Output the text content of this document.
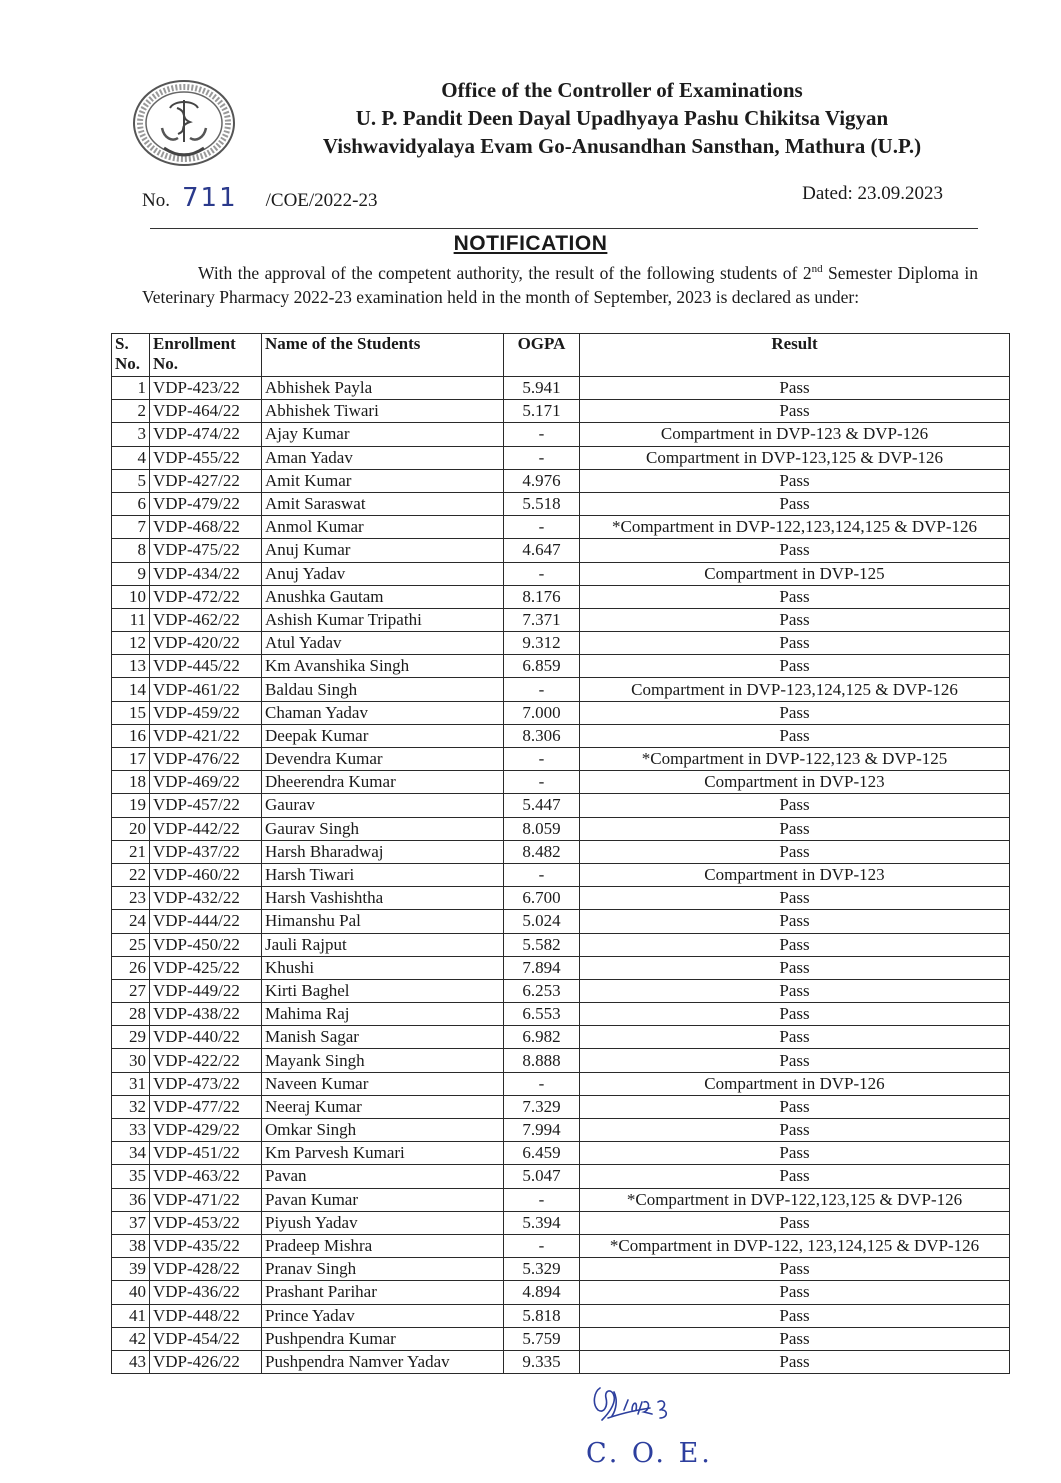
Office of the Controller of Examinations
U. P. Pandit Deen Dayal Upadhyaya Pashu Chikitsa Vigyan
Vishwavidyalaya Evam Go-Anusandhan Sansthan, Mathura (U.P.)
No. 711 /COE/2022-23	Dated: 23.09.2023
NOTIFICATION
With the approval of the competent authority, the result of the following students of 2nd Semester Diploma in Veterinary Pharmacy 2022-23 examination held in the month of September, 2023 is declared as under:
S. No.	Enrollment No.	Name of the Students	OGPA	Result
1	VDP-423/22	Abhishek Payla	5.941	Pass
2	VDP-464/22	Abhishek Tiwari	5.171	Pass
3	VDP-474/22	Ajay Kumar	-	Compartment in DVP-123 & DVP-126
4	VDP-455/22	Aman Yadav	-	Compartment in DVP-123,125 & DVP-126
5	VDP-427/22	Amit Kumar	4.976	Pass
6	VDP-479/22	Amit Saraswat	5.518	Pass
7	VDP-468/22	Anmol Kumar	-	*Compartment in DVP-122,123,124,125 & DVP-126
8	VDP-475/22	Anuj Kumar	4.647	Pass
9	VDP-434/22	Anuj Yadav	-	Compartment in DVP-125
10	VDP-472/22	Anushka Gautam	8.176	Pass
11	VDP-462/22	Ashish Kumar Tripathi	7.371	Pass
12	VDP-420/22	Atul Yadav	9.312	Pass
13	VDP-445/22	Km Avanshika Singh	6.859	Pass
14	VDP-461/22	Baldau Singh	-	Compartment in DVP-123,124,125 & DVP-126
15	VDP-459/22	Chaman Yadav	7.000	Pass
16	VDP-421/22	Deepak Kumar	8.306	Pass
17	VDP-476/22	Devendra Kumar	-	*Compartment in DVP-122,123 & DVP-125
18	VDP-469/22	Dheerendra Kumar	-	Compartment in DVP-123
19	VDP-457/22	Gaurav	5.447	Pass
20	VDP-442/22	Gaurav Singh	8.059	Pass
21	VDP-437/22	Harsh Bharadwaj	8.482	Pass
22	VDP-460/22	Harsh Tiwari	-	Compartment in DVP-123
23	VDP-432/22	Harsh Vashishtha	6.700	Pass
24	VDP-444/22	Himanshu Pal	5.024	Pass
25	VDP-450/22	Jauli Rajput	5.582	Pass
26	VDP-425/22	Khushi	7.894	Pass
27	VDP-449/22	Kirti Baghel	6.253	Pass
28	VDP-438/22	Mahima Raj	6.553	Pass
29	VDP-440/22	Manish Sagar	6.982	Pass
30	VDP-422/22	Mayank Singh	8.888	Pass
31	VDP-473/22	Naveen Kumar	-	Compartment in DVP-126
32	VDP-477/22	Neeraj Kumar	7.329	Pass
33	VDP-429/22	Omkar Singh	7.994	Pass
34	VDP-451/22	Km Parvesh Kumari	6.459	Pass
35	VDP-463/22	Pavan	5.047	Pass
36	VDP-471/22	Pavan Kumar	-	*Compartment in DVP-122,123,125 & DVP-126
37	VDP-453/22	Piyush Yadav	5.394	Pass
38	VDP-435/22	Pradeep Mishra	-	*Compartment in DVP-122, 123,124,125 & DVP-126
39	VDP-428/22	Pranav Singh	5.329	Pass
40	VDP-436/22	Prashant Parihar	4.894	Pass
41	VDP-448/22	Prince Yadav	5.818	Pass
42	VDP-454/22	Pushpendra Kumar	5.759	Pass
43	VDP-426/22	Pushpendra Namver Yadav	9.335	Pass
C. O. E.
